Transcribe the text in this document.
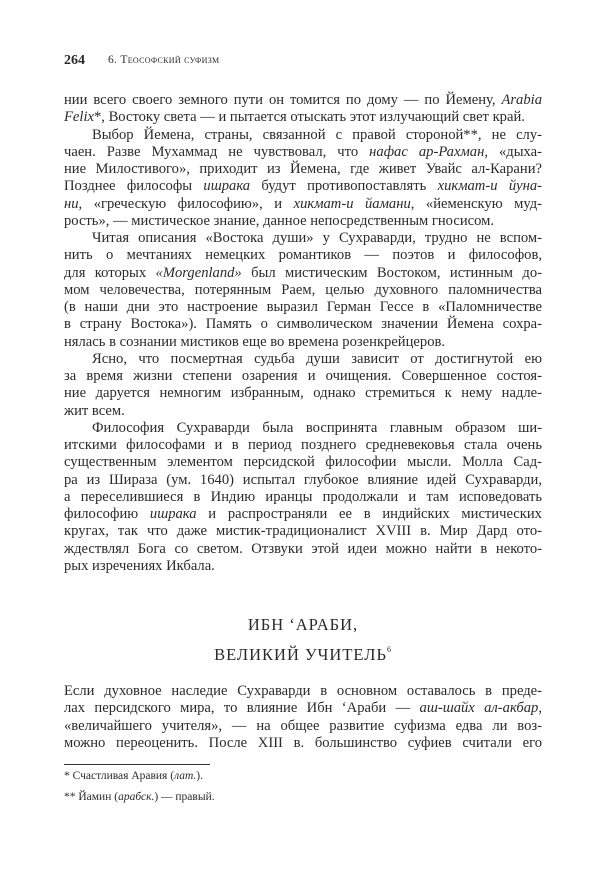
264 6. Теософский суфизм
нии всего своего земного пути он томится по дому — по Йемену, Arabia
Felix*, Востоку света — и пытается отыскать этот излучающий свет край.
Выбор Йемена, страны, связанной с правой стороной**, не слу-
чаен. Разве Мухаммад не чувствовал, что нафас ар-Рахман, «дыха-
ние Милостивого», приходит из Йемена, где живет Увайс ал-Карани?
Позднее философы ишрака будут противопоставлять хикмат-и йуна-
ни, «греческую философию», и хикмат-и йамани, «йеменскую муд-
рость», — мистическое знание, данное непосредственным гносисом.
Читая описания «Востока души» у Сухраварди, трудно не вспом-
нить о мечтаниях немецких романтиков — поэтов и философов,
для которых «Morgenland» был мистическим Востоком, истинным до-
мом человечества, потерянным Раем, целью духовного паломничества
(в наши дни это настроение выразил Герман Гессе в «Паломничестве
в страну Востока»). Память о символическом значении Йемена сохра-
нялась в сознании мистиков еще во времена розенкрейцеров.
Ясно, что посмертная судьба души зависит от достигнутой ею
за время жизни степени озарения и очищения. Совершенное состоя-
ние даруется немногим избранным, однако стремиться к нему надле-
жит всем.
Философия Сухраварди была воспринята главным образом ши-
итскими философами и в период позднего средневековья стала очень
существенным элементом персидской философии мысли. Молла Сад-
ра из Шираза (ум. 1640) испытал глубокое влияние идей Сухраварди,
а переселившиеся в Индию иранцы продолжали и там исповедовать
философию ишрака и распространяли ее в индийских мистических
кругах, так что даже мистик-традиционалист XVIII в. Мир Дард ото-
ждествлял Бога со светом. Отзвуки этой идеи можно найти в некото-
рых изречениях Икбала.
ИБН ‘АРАБИ,
ВЕЛИКИЙ УЧИТЕЛЬ$^6$
Если духовное наследие Сухраварди в основном оставалось в преде-
лах персидского мира, то влияние Ибн ‘Араби — аш-шайх ал-акбар,
«величайшего учителя», — на общее развитие суфизма едва ли воз-
можно переоценить. После XIII в. большинство суфиев считали его
* Счастливая Аравия (лат.).
** Йамин (арабск.) — правый.
